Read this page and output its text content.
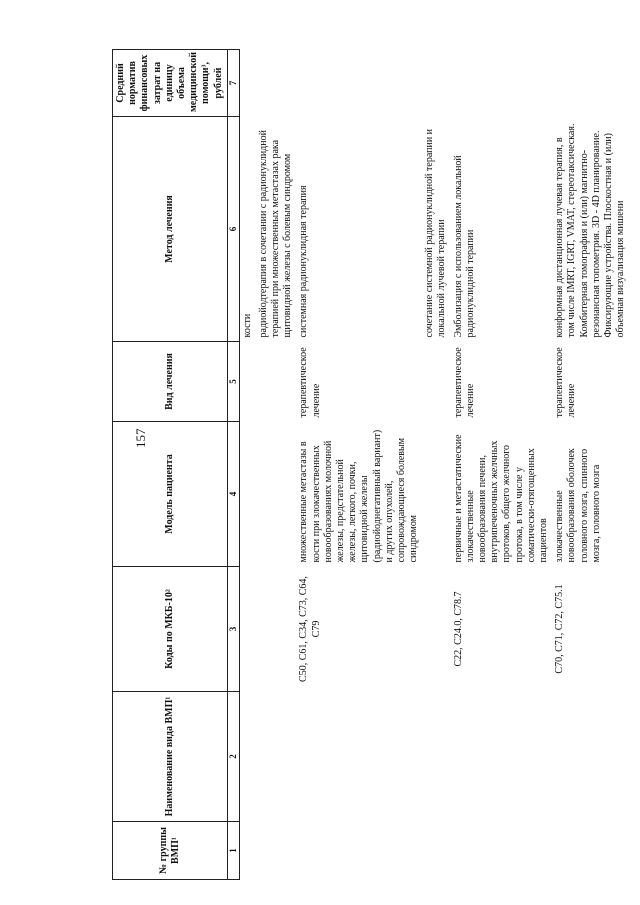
157
№ группы ВМП¹	Наименование вида ВМП¹	Коды по МКБ-10²	Модель пациента	Вид лечения	Метод лечения	Средний норматив финансовых затрат на единицу объема медицинской помощи³, рублей
1	2	3	4	5	6	7
					кости	
					радиойодтерапия в сочетании с радионуклидной терапией при множественных метастазах рака щитовидной железы с болевым синдромом	
		C50, C61, C34, C73, C64, C79	множественные метастазы в кости при злокачественных новообразованиях молочной железы, предстательной железы, легкого, почки, щитовидной железы (радиойоднегативный вариант) и других опухолей, сопровождающиеся болевым синдромом	терапевтическое лечение	системная радионуклидная терапия	
					сочетание системной радионуклидной терапии и локальной лучевой терапии	
		C22, C24.0, C78.7	первичные и метастатические злокачественные новообразования печени, внутрипеченочных желчных протоков, общего желчного протока, в том числе у соматически-отягощенных пациентов	терапевтическое лечение	Эмболизация с использованием локальной радионуклидной терапии	
		C70, C71, C72, C75.1	злокачественные новообразования оболочек головного мозга, спинного мозга, головного мозга	терапевтическое лечение	конформная дистанционная лучевая терапия, в том числе IMRT, IGRT, VMAT, стереотаксическая. Комбитерная томография и (или) магнитно-резонансная топометрия. 3D - 4D планирование. Фиксирующие устройства. Плоскостная и (или) объемная визуализация мишени	
